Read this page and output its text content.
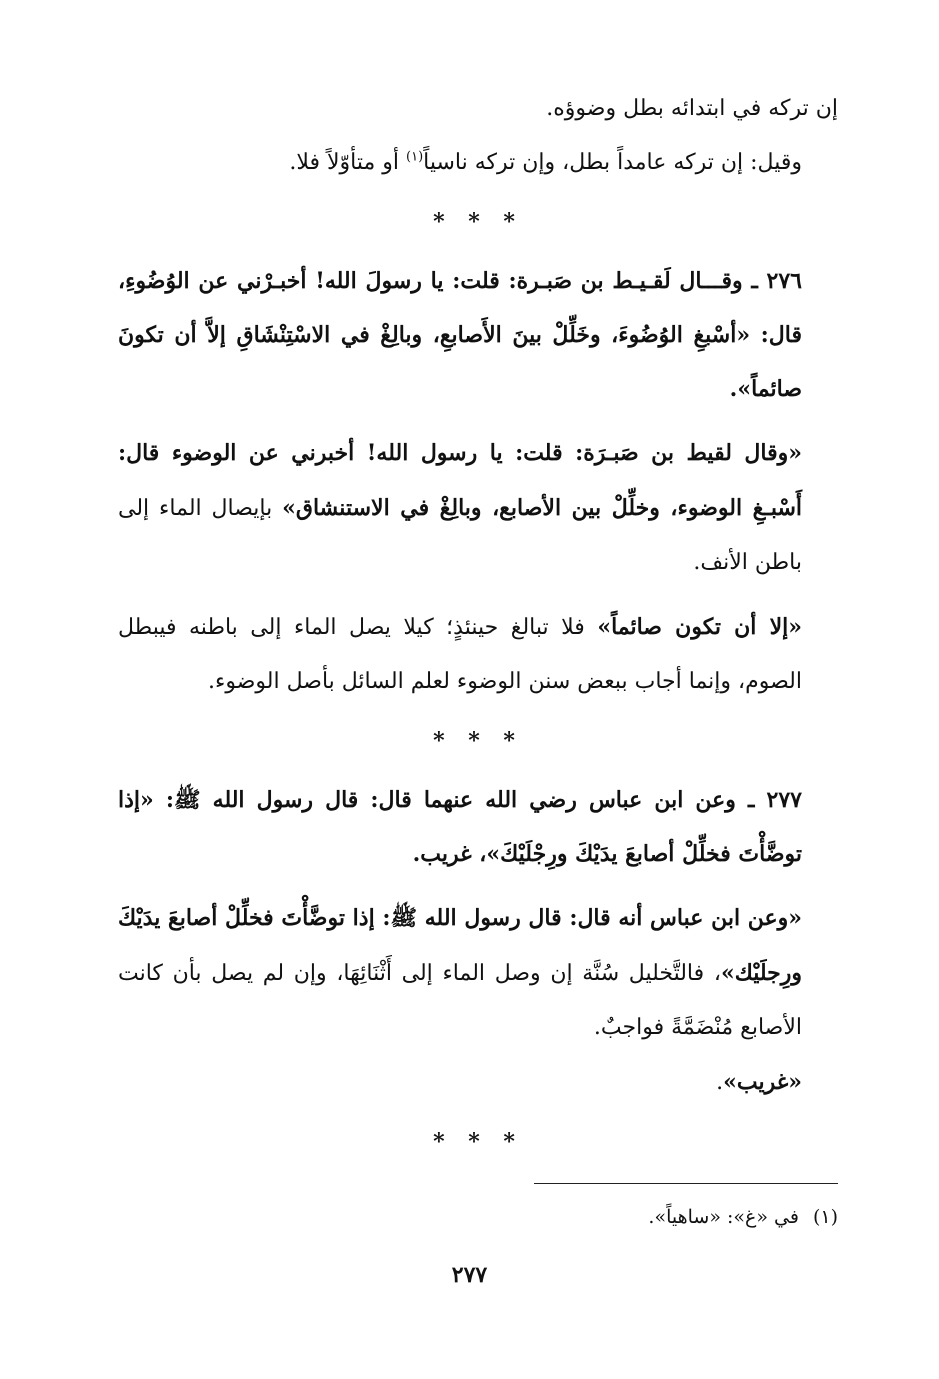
إن تركه في ابتدائه بطل وضوؤه.

وقيل: إن تركه عامداً بطل، وإن تركه ناسياً$^{(١)}$ أو متأوّلاً فلا.

* * *

٢٧٦ ـ وقـــال لَقـيـط بن صَبـرة: قلت: يا رسولَ الله! أخبـرْني عن الوُضُوءِ، قال: «أسْبغِ الوُضُوءَ، وخَلِّلْ بينَ الأَصابعِ، وبالِغْ في الاسْتِنْشَاقِ إلاَّ أن تكونَ صائماً».

«وقال لقيط بن صَبـرَة: قلت: يا رسول الله! أخبرني عن الوضوء قال: أَسْبـغِ الوضوء، وخلِّلْ بين الأصابع، وبالِغْ في الاستنشاق» بإيصال الماء إلى باطن الأنف.

«إلا أن تكون صائماً» فلا تبالغ حينئذٍ؛ كيلا يصل الماء إلى باطنه فيبطل الصوم، وإنما أجاب ببعض سنن الوضوء لعلم السائل بأصل الوضوء.

* * *

٢٧٧ ـ وعن ابن عباس رضي الله عنهما قال: قال رسول الله ﷺ: «إذا توضَّأْتَ فخلِّلْ أصابعَ يدَيْكَ ورِجْلَيْكَ»، غريب.

«وعن ابن عباس أنه قال: قال رسول الله ﷺ: إذا توضَّأْتَ فخلِّلْ أصابعَ يدَيْكَ ورِجلَيْك»، فالتَّخليل سُنَّة إن وصل الماء إلى أَثْنَائِهَا، وإن لم يصل بأن كانت الأصابع مُنْضَمَّةً فواجبٌ.

«غريب».

* * *
(١)في «غ»: «ساهياً».
٢٧٧
